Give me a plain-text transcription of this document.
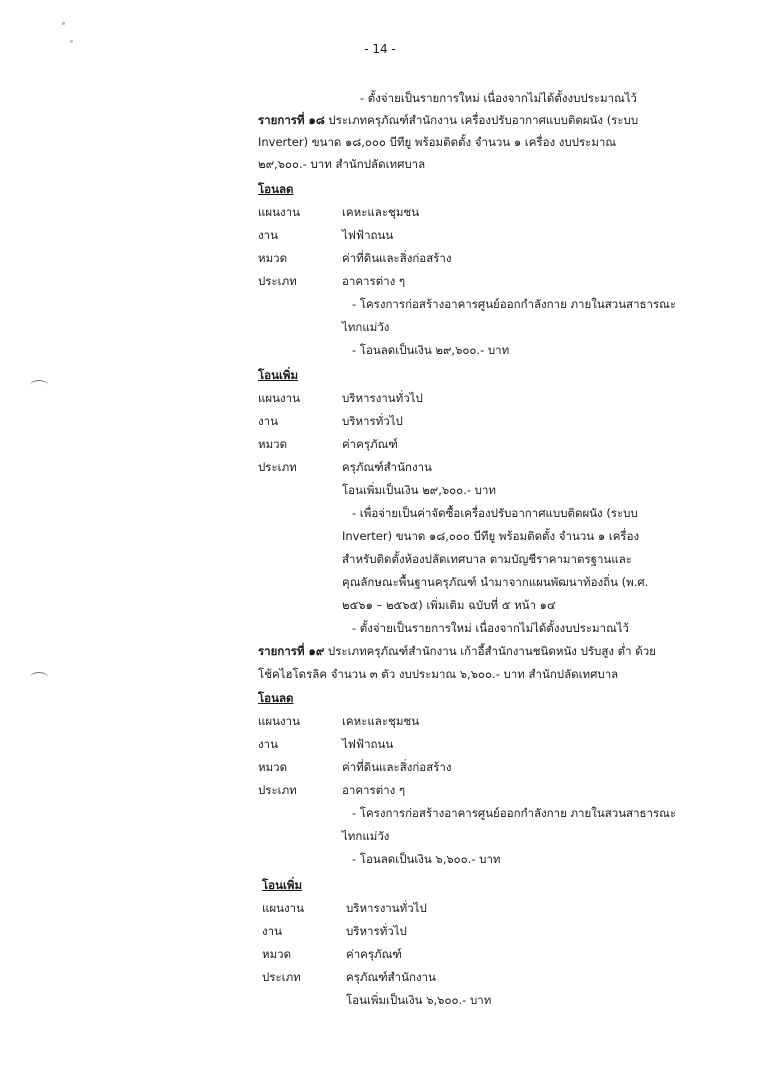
- 14 -
- ตั้งจ่ายเป็นรายการใหม่ เนื่องจากไม่ได้ตั้งงบประมาณไว้
รายการที่ ๑๘ ประเภทครุภัณฑ์สำนักงาน เครื่องปรับอากาศแบบติดผนัง (ระบบ
Inverter) ขนาด ๑๘,๐๐๐ บีทียู พร้อมติดตั้ง จำนวน ๑ เครื่อง งบประมาณ
๒๙,๖๐๐.- บาท สำนักปลัดเทศบาล
โอนลด
แผนงาน	เคหะและชุมชน
งาน	ไฟฟ้าถนน
หมวด	ค่าที่ดินและสิ่งก่อสร้าง
ประเภท	อาคารต่าง ๆ
- โครงการก่อสร้างอาคารศูนย์ออกกำลังกาย ภายในสวนสาธารณะ
ไทกแม่วัง
- โอนลดเป็นเงิน ๒๙,๖๐๐.- บาท
โอนเพิ่ม
แผนงาน	บริหารงานทั่วไป
งาน	บริหารทั่วไป
หมวด	ค่าครุภัณฑ์
ประเภท	ครุภัณฑ์สำนักงาน
โอนเพิ่มเป็นเงิน ๒๙,๖๐๐.- บาท
- เพื่อจ่ายเป็นค่าจัดซื้อเครื่องปรับอากาศแบบติดผนัง (ระบบ
Inverter) ขนาด ๑๘,๐๐๐ บีทียู พร้อมติดตั้ง จำนวน ๑ เครื่อง
สำหรับติดตั้งห้องปลัดเทศบาล ตามบัญชีราคามาตรฐานและ
คุณลักษณะพื้นฐานครุภัณฑ์ นำมาจากแผนพัฒนาท้องถิ่น (พ.ศ.
๒๕๖๑ – ๒๕๖๕) เพิ่มเติม ฉบับที่ ๕ หน้า ๑๔
- ตั้งจ่ายเป็นรายการใหม่ เนื่องจากไม่ได้ตั้งงบประมาณไว้
รายการที่ ๑๙ ประเภทครุภัณฑ์สำนักงาน เก้าอี้สำนักงานชนิดหนัง ปรับสูง ต่ำ ด้วย
โช้คไฮโดรลิค จำนวน ๓ ตัว งบประมาณ ๖,๖๐๐.- บาท สำนักปลัดเทศบาล
โอนลด
แผนงาน	เคหะและชุมชน
งาน	ไฟฟ้าถนน
หมวด	ค่าที่ดินและสิ่งก่อสร้าง
ประเภท	อาคารต่าง ๆ
- โครงการก่อสร้างอาคารศูนย์ออกกำลังกาย ภายในสวนสาธารณะ
ไทกแม่วัง
- โอนลดเป็นเงิน ๖,๖๐๐.- บาท
โอนเพิ่ม
แผนงาน	บริหารงานทั่วไป
งาน	บริหารทั่วไป
หมวด	ค่าครุภัณฑ์
ประเภท	ครุภัณฑ์สำนักงาน
โอนเพิ่มเป็นเงิน ๖,๖๐๐.- บาท
